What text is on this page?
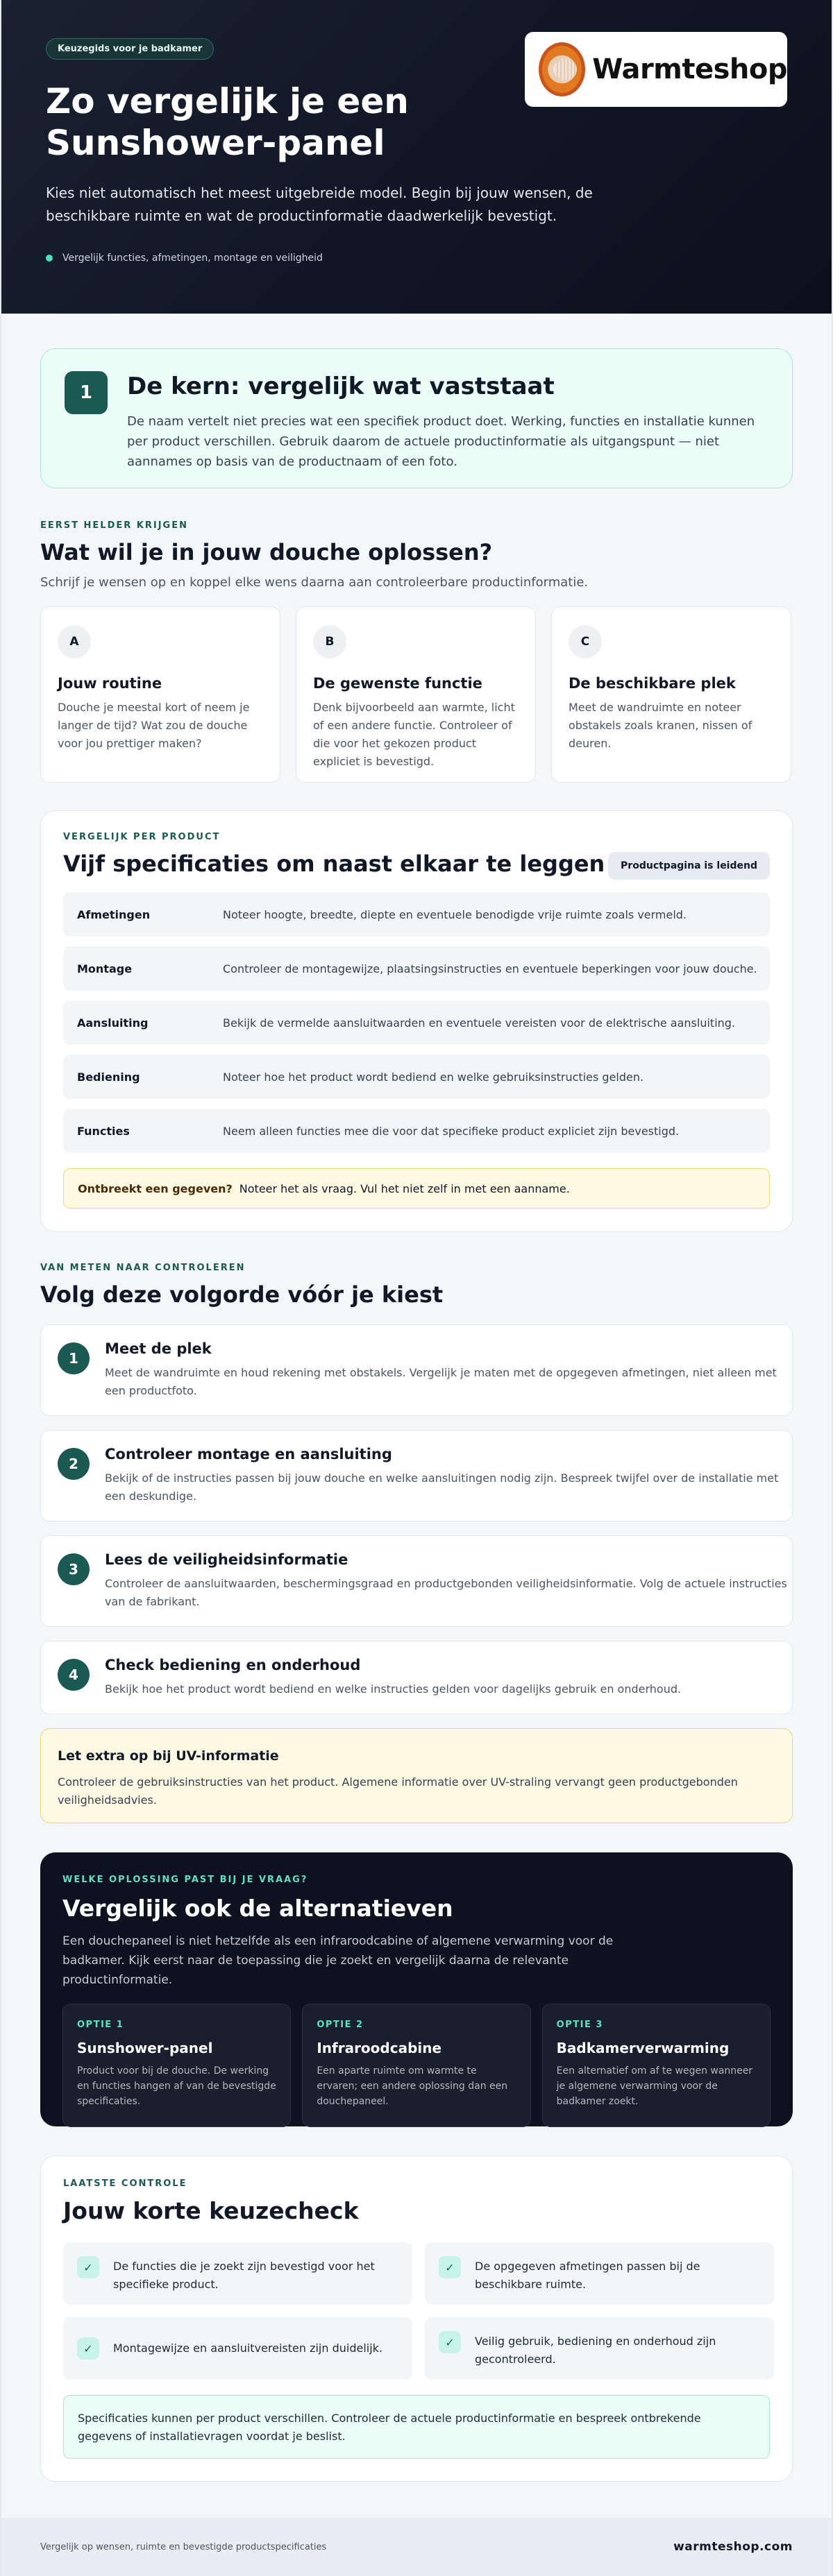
Keuzegids voor je badkamer
Zo vergelijk je een Sunshower-panel

Kies niet automatisch het meest uitgebreide model. Begin bij jouw wensen, de beschikbare ruimte en wat de productinformatie daadwerkelijk bevestigt.

Vergelijk functies, afmetingen, montage en veiligheid
Warmteshop
1	De kern: vergelijk wat vaststaat

De naam vertelt niet precies wat een specifiek product doet. Werking, functies en installatie kunnen per product verschillen. Gebruik daarom de actuele productinformatie als uitgangspunt — niet aannames op basis van de productnaam of een foto.

EERST HELDER KRIJGEN
Wat wil je in jouw douche oplossen?

Schrijf je wensen op en koppel elke wens daarna aan controleerbare productinformatie.

A
Jouw routine

Douche je meestal kort of neem je langer de tijd? Wat zou de douche voor jou prettiger maken?

B
De gewenste functie

Denk bijvoorbeeld aan warmte, licht of een andere functie. Controleer of die voor het gekozen product expliciet is bevestigd.

C
De beschikbare plek

Meet de wandruimte en noteer obstakels zoals kranen, nissen of deuren.

VERGELIJK PER PRODUCT
Vijf specificaties om naast elkaar te leggen	Productpagina is leidend
Afmetingen	Noteer hoogte, breedte, diepte en eventuele benodigde vrije ruimte zoals vermeld.
Montage	Controleer de montagewijze, plaatsingsinstructies en eventuele beperkingen voor jouw douche.
Aansluiting	Bekijk de vermelde aansluitwaarden en eventuele vereisten voor de elektrische aansluiting.
Bediening	Noteer hoe het product wordt bediend en welke gebruiksinstructies gelden.
Functies	Neem alleen functies mee die voor dat specifieke product expliciet zijn bevestigd.
Ontbreekt een gegeven? Noteer het als vraag. Vul het niet zelf in met een aanname.
VAN METEN NAAR CONTROLEREN
Volg deze volgorde vóór je kiest
1
Meet de plek

Meet de wandruimte en houd rekening met obstakels. Vergelijk je maten met de opgegeven afmetingen, niet alleen met een productfoto.

2
Controleer montage en aansluiting

Bekijk of de instructies passen bij jouw douche en welke aansluitingen nodig zijn. Bespreek twijfel over de installatie met een deskundige.

3
Lees de veiligheidsinformatie

Controleer de aansluitwaarden, beschermingsgraad en productgebonden veiligheidsinformatie. Volg de actuele instructies van de fabrikant.

4
Check bediening en onderhoud

Bekijk hoe het product wordt bediend en welke instructies gelden voor dagelijks gebruik en onderhoud.

Let extra op bij UV-informatie

Controleer de gebruiksinstructies van het product. Algemene informatie over UV-straling vervangt geen productgebonden veiligheidsadvies.

WELKE OPLOSSING PAST BIJ JE VRAAG?
Vergelijk ook de alternatieven

Een douchepaneel is niet hetzelfde als een infraroodcabine of algemene verwarming voor de badkamer. Kijk eerst naar de toepassing die je zoekt en vergelijk daarna de relevante productinformatie.

OPTIE 1
Sunshower-panel

Product voor bij de douche. De werking en functies hangen af van de bevestigde specificaties.

OPTIE 2
Infraroodcabine

Een aparte ruimte om warmte te ervaren; een andere oplossing dan een douchepaneel.

OPTIE 3
Badkamerverwarming

Een alternatief om af te wegen wanneer je algemene verwarming voor de badkamer zoekt.

LAATSTE CONTROLE
Jouw korte keuzecheck
✓	De functies die je zoekt zijn bevestigd voor het specifieke product.
✓	De opgegeven afmetingen passen bij de beschikbare ruimte.
✓	Montagewijze en aansluitvereisten zijn duidelijk.	✓	Veilig gebruik, bediening en onderhoud zijn gecontroleerd.
Specificaties kunnen per product verschillen. Controleer de actuele productinformatie en bespreek ontbrekende gegevens of installatievragen voordat je beslist.
Vergelijk op wensen, ruimte en bevestigde productspecificaties	warmteshop.com
